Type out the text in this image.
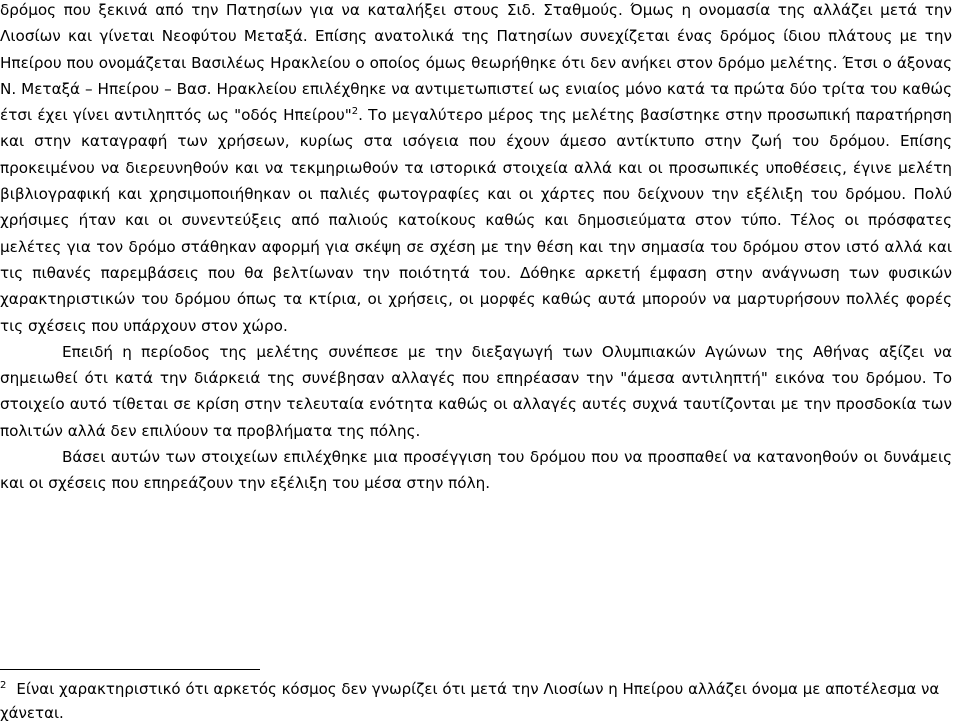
δρόμος που ξεκινά από την Πατησίων για να καταλήξει στους Σιδ. Σταθμούς. Όμως η ονομασία της αλλάζει μετά την Λιοσίων και γίνεται Νεοφύτου Μεταξά. Επίσης ανατολικά της Πατησίων συνεχίζεται ένας δρόμος ίδιου πλάτους με την Ηπείρου που ονομάζεται Βασιλέως Ηρακλείου ο οποίος όμως θεωρήθηκε ότι δεν ανήκει στον δρόμο μελέτης. Έτσι ο άξονας Ν. Μεταξά – Ηπείρου – Βασ. Ηρακλείου επιλέχθηκε να αντιμετωπιστεί ως ενιαίος μόνο κατά τα πρώτα δύο τρίτα του καθώς έτσι έχει γίνει αντιληπτός ως "οδός Ηπείρου"$^2$. Το μεγαλύτερο μέρος της μελέτης βασίστηκε στην προσωπική παρατήρηση και στην καταγραφή των χρήσεων, κυρίως στα ισόγεια που έχουν άμεσο αντίκτυπο στην ζωή του δρόμου. Επίσης προκειμένου να διερευνηθούν και να τεκμηριωθούν τα ιστορικά στοιχεία αλλά και οι προσωπικές υποθέσεις, έγινε μελέτη βιβλιογραφική και χρησιμοποιήθηκαν οι παλιές φωτογραφίες και οι χάρτες που δείχνουν την εξέλιξη του δρόμου. Πολύ χρήσιμες ήταν και οι συνεντεύξεις από παλιούς κατοίκους καθώς και δημοσιεύματα στον τύπο. Τέλος οι πρόσφατες μελέτες για τον δρόμο στάθηκαν αφορμή για σκέψη σε σχέση με την θέση και την σημασία του δρόμου στον ιστό αλλά και τις πιθανές παρεμβάσεις που θα βελτίωναν την ποιότητά του. Δόθηκε αρκετή έμφαση στην ανάγνωση των φυσικών χαρακτηριστικών του δρόμου όπως τα κτίρια, οι χρήσεις, οι μορφές καθώς αυτά μπορούν να μαρτυρήσουν πολλές φορές τις σχέσεις που υπάρχουν στον χώρο.

Επειδή η περίοδος της μελέτης συνέπεσε με την διεξαγωγή των Ολυμπιακών Αγώνων της Αθήνας αξίζει να σημειωθεί ότι κατά την διάρκειά της συνέβησαν αλλαγές που επηρέασαν την "άμεσα αντιληπτή" εικόνα του δρόμου. Το στοιχείο αυτό τίθεται σε κρίση στην τελευταία ενότητα καθώς οι αλλαγές αυτές συχνά ταυτίζονται με την προσδοκία των πολιτών αλλά δεν επιλύουν τα προβλήματα της πόλης.

Βάσει αυτών των στοιχείων επιλέχθηκε μια προσέγγιση του δρόμου που να προσπαθεί να κατανοηθούν οι δυνάμεις και οι σχέσεις που επηρεάζουν την εξέλιξη του μέσα στην πόλη.

$^2$ Είναι χαρακτηριστικό ότι αρκετός κόσμος δεν γνωρίζει ότι μετά την Λιοσίων η Ηπείρου αλλάζει όνομα με αποτέλεσμα να χάνεται.
